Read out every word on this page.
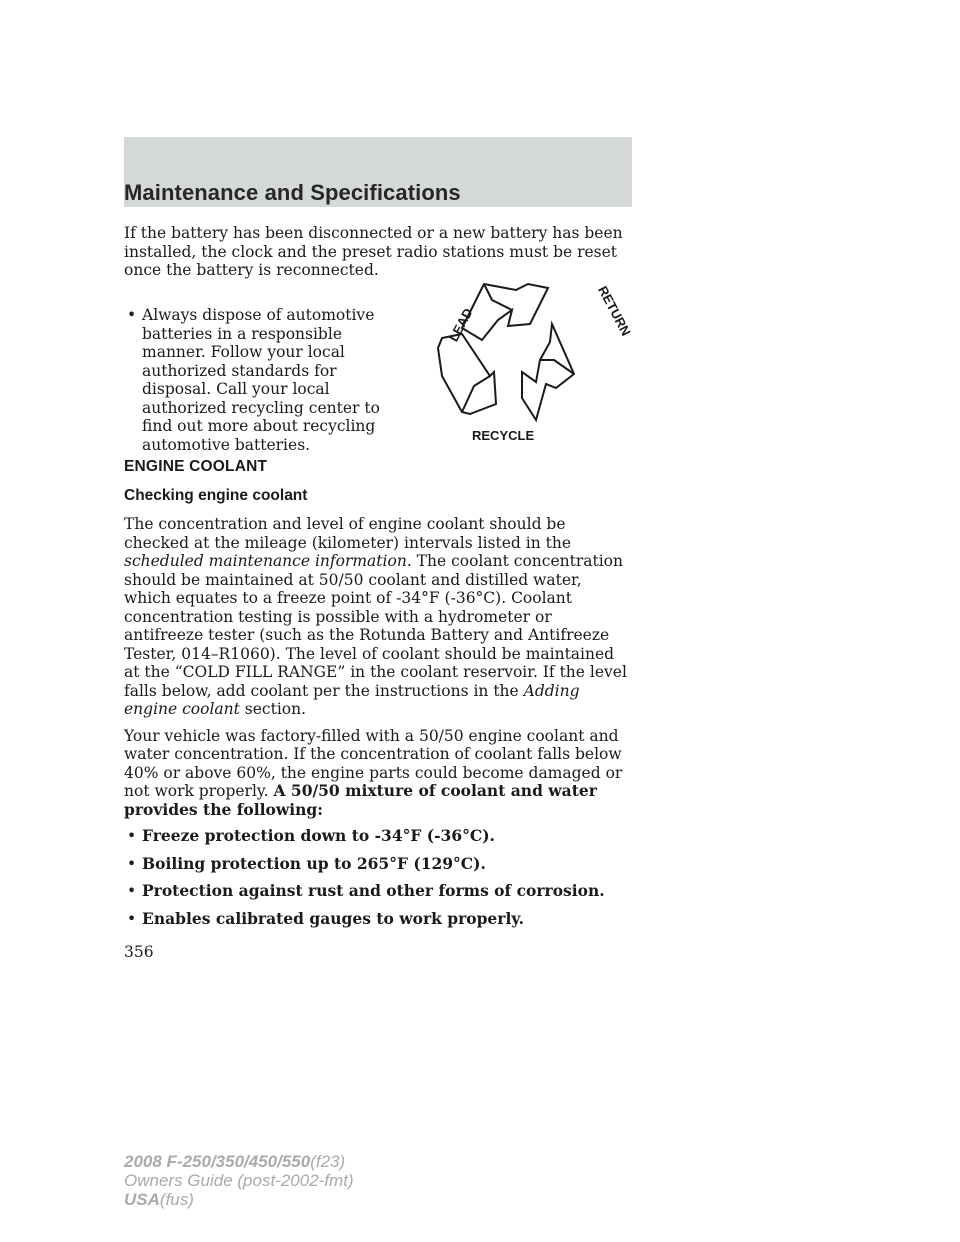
Maintenance and Specifications

If the battery has been disconnected or a new battery has been installed, the clock and the preset radio stations must be reset once the battery is reconnected.

• Always dispose of automotive batteries in a responsible manner. Follow your local authorized standards for disposal. Call your local authorized recycling center to find out more about recycling automotive batteries.
LEAD	RETURN
RECYCLE
ENGINE COOLANT
Checking engine coolant

The concentration and level of engine coolant should be checked at the mileage (kilometer) intervals listed in the scheduled maintenance information. The coolant concentration should be maintained at 50/50 coolant and distilled water, which equates to a freeze point of -34°F (-36°C). Coolant concentration testing is possible with a hydrometer or antifreeze tester (such as the Rotunda Battery and Antifreeze Tester, 014–R1060). The level of coolant should be maintained at the “COLD FILL RANGE” in the coolant reservoir. If the level falls below, add coolant per the instructions in the Adding engine coolant section.

Your vehicle was factory-filled with a 50/50 engine coolant and water concentration. If the concentration of coolant falls below 40% or above 60%, the engine parts could become damaged or not work properly. A 50/50 mixture of coolant and water provides the following:

• Freeze protection down to -34°F (-36°C).
• Boiling protection up to 265°F (129°C).
• Protection against rust and other forms of corrosion.
• Enables calibrated gauges to work properly.
356
2008 F-250/350/450/550(f23)
Owners Guide (post-2002-fmt)
USA(fus)
